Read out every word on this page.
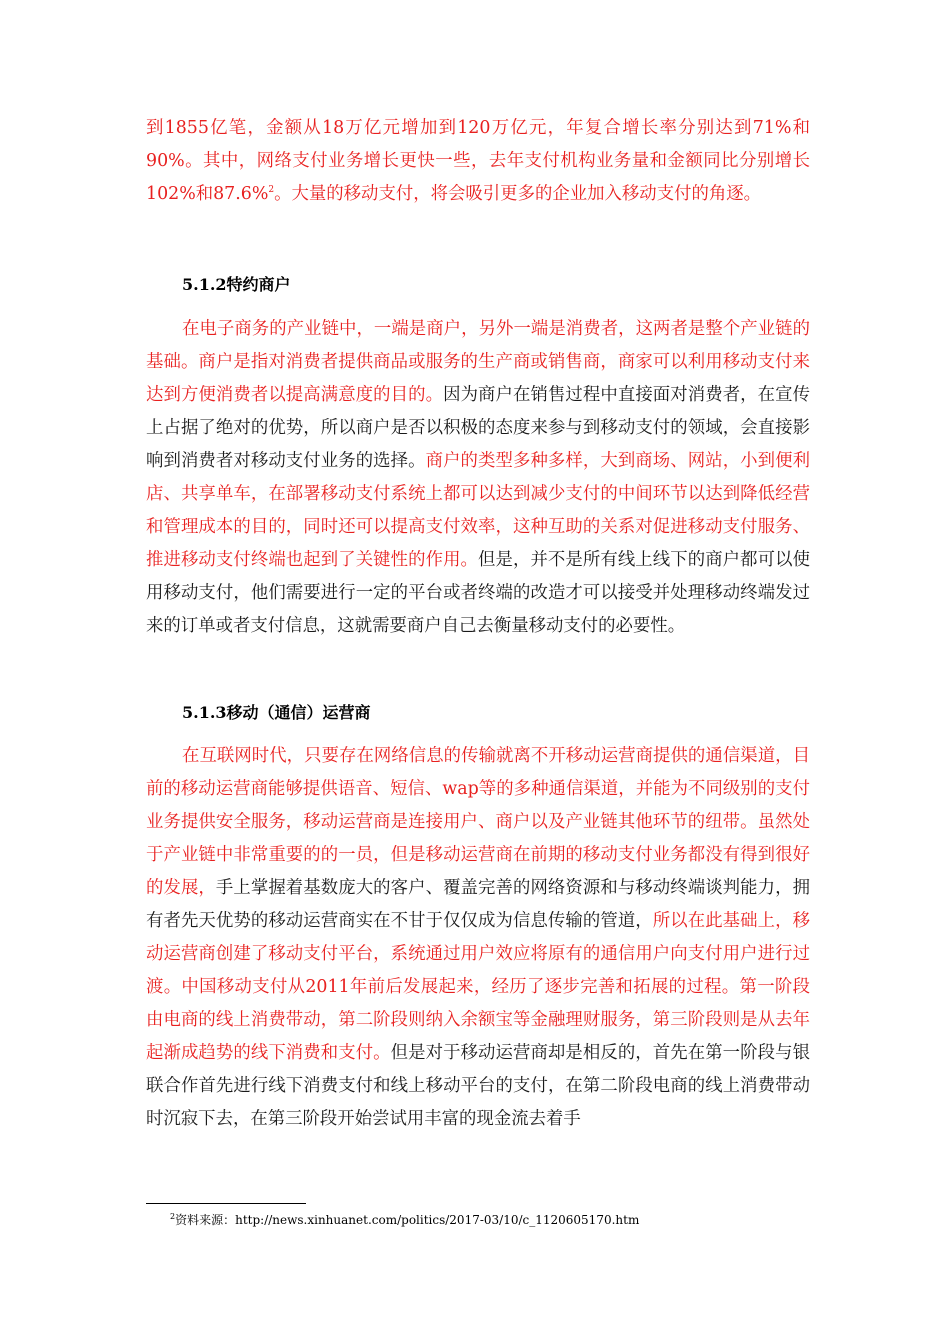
到1855亿笔，金额从18万亿元增加到120万亿元，年复合增长率分别达到71%和90%。其中，网络支付业务增长更快一些，去年支付机构业务量和金额同比分别增长102%和87.6%$^2$。大量的移动支付，将会吸引更多的企业加入移动支付的角逐。

5.1.2特约商户

在电子商务的产业链中，一端是商户，另外一端是消费者，这两者是整个产业链的基础。商户是指对消费者提供商品或服务的生产商或销售商，商家可以利用移动支付来达到方便消费者以提高满意度的目的。因为商户在销售过程中直接面对消费者，在宣传上占据了绝对的优势，所以商户是否以积极的态度来参与到移动支付的领域，会直接影响到消费者对移动支付业务的选择。商户的类型多种多样，大到商场、网站，小到便利店、共享单车，在部署移动支付系统上都可以达到减少支付的中间环节以达到降低经营和管理成本的目的，同时还可以提高支付效率，这种互助的关系对促进移动支付服务、推进移动支付终端也起到了关键性的作用。但是，并不是所有线上线下的商户都可以使用移动支付，他们需要进行一定的平台或者终端的改造才可以接受并处理移动终端发过来的订单或者支付信息，这就需要商户自己去衡量移动支付的必要性。

5.1.3移动（通信）运营商

在互联网时代，只要存在网络信息的传输就离不开移动运营商提供的通信渠道，目前的移动运营商能够提供语音、短信、wap等的多种通信渠道，并能为不同级别的支付业务提供安全服务，移动运营商是连接用户、商户以及产业链其他环节的纽带。虽然处于产业链中非常重要的的一员，但是移动运营商在前期的移动支付业务都没有得到很好的发展，手上掌握着基数庞大的客户、覆盖完善的网络资源和与移动终端谈判能力，拥有者先天优势的移动运营商实在不甘于仅仅成为信息传输的管道，所以在此基础上，移动运营商创建了移动支付平台，系统通过用户效应将原有的通信用户向支付用户进行过渡。中国移动支付从2011年前后发展起来，经历了逐步完善和拓展的过程。第一阶段由电商的线上消费带动，第二阶段则纳入余额宝等金融理财服务，第三阶段则是从去年起渐成趋势的线下消费和支付。但是对于移动运营商却是相反的，首先在第一阶段与银联合作首先进行线下消费支付和线上移动平台的支付，在第二阶段电商的线上消费带动时沉寂下去，在第三阶段开始尝试用丰富的现金流去着手

$^2$资料来源：http://news.xinhuanet.com/politics/2017-03/10/c_1120605170.htm
